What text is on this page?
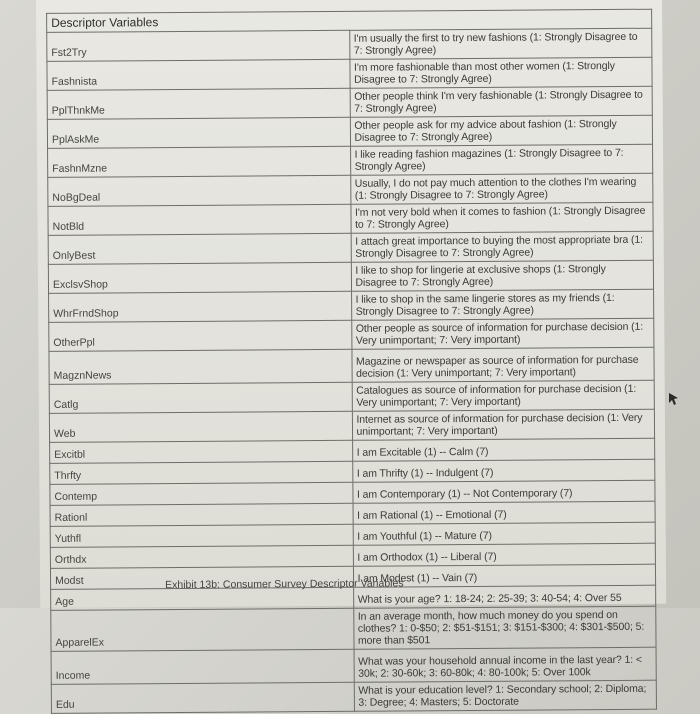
Descriptor Variables	
Fst2Try	I'm usually the first to try new fashions (1: Strongly Disagree to 7: Strongly Agree)
Fashnista	I'm more fashionable than most other women (1: Strongly Disagree to 7: Strongly Agree)
PplThnkMe	Other people think I'm very fashionable (1: Strongly Disagree to 7: Strongly Agree)
PplAskMe	Other people ask for my advice about fashion (1: Strongly Disagree to 7: Strongly Agree)
FashnMzne	I like reading fashion magazines (1: Strongly Disagree to 7: Strongly Agree)
NoBgDeal	Usually, I do not pay much attention to the clothes I'm wearing (1: Strongly Disagree to 7: Strongly Agree)
NotBld	I'm not very bold when it comes to fashion (1: Strongly Disagree to 7: Strongly Agree)
OnlyBest	I attach great importance to buying the most appropriate bra (1: Strongly Disagree to 7: Strongly Agree)
ExclsvShop	I like to shop for lingerie at exclusive shops (1: Strongly Disagree to 7: Strongly Agree)
WhrFrndShop	I like to shop in the same lingerie stores as my friends (1: Strongly Disagree to 7: Strongly Agree)
OtherPpl	Other people as source of information for purchase decision (1: Very unimportant; 7: Very important)
MagznNews	Magazine or newspaper as source of information for purchase decision (1: Very unimportant; 7: Very important)
Catlg	Catalogues as source of information for purchase decision (1: Very unimportant; 7: Very important)
Web	Internet as source of information for purchase decision (1: Very unimportant; 7: Very important)
Excitbl	I am Excitable (1) -- Calm (7)
Thrfty	I am Thrifty (1) -- Indulgent (7)
Contemp	I am Contemporary (1) -- Not Contemporary (7)
Rationl	I am Rational (1) -- Emotional (7)
Yuthfl	I am Youthful (1) -- Mature (7)
Orthdx	I am Orthodox (1) -- Liberal (7)
Modst	I am Modest (1) -- Vain (7)
Age	What is your age? 1: 18-24; 2: 25-39; 3: 40-54; 4: Over 55
ApparelEx	In an average month, how much money do you spend on clothes? 1: 0-$50; 2: $51-$151; 3: $151-$300; 4: $301-$500; 5: more than $501
Income	What was your household annual income in the last year? 1: < 30k; 2: 30-60k; 3: 60-80k; 4: 80-100k; 5: Over 100k
Edu	What is your education level? 1: Secondary school; 2: Diploma; 3: Degree; 4: Masters; 5: Doctorate
Exhibit 13b: Consumer Survey Descriptor Variables
